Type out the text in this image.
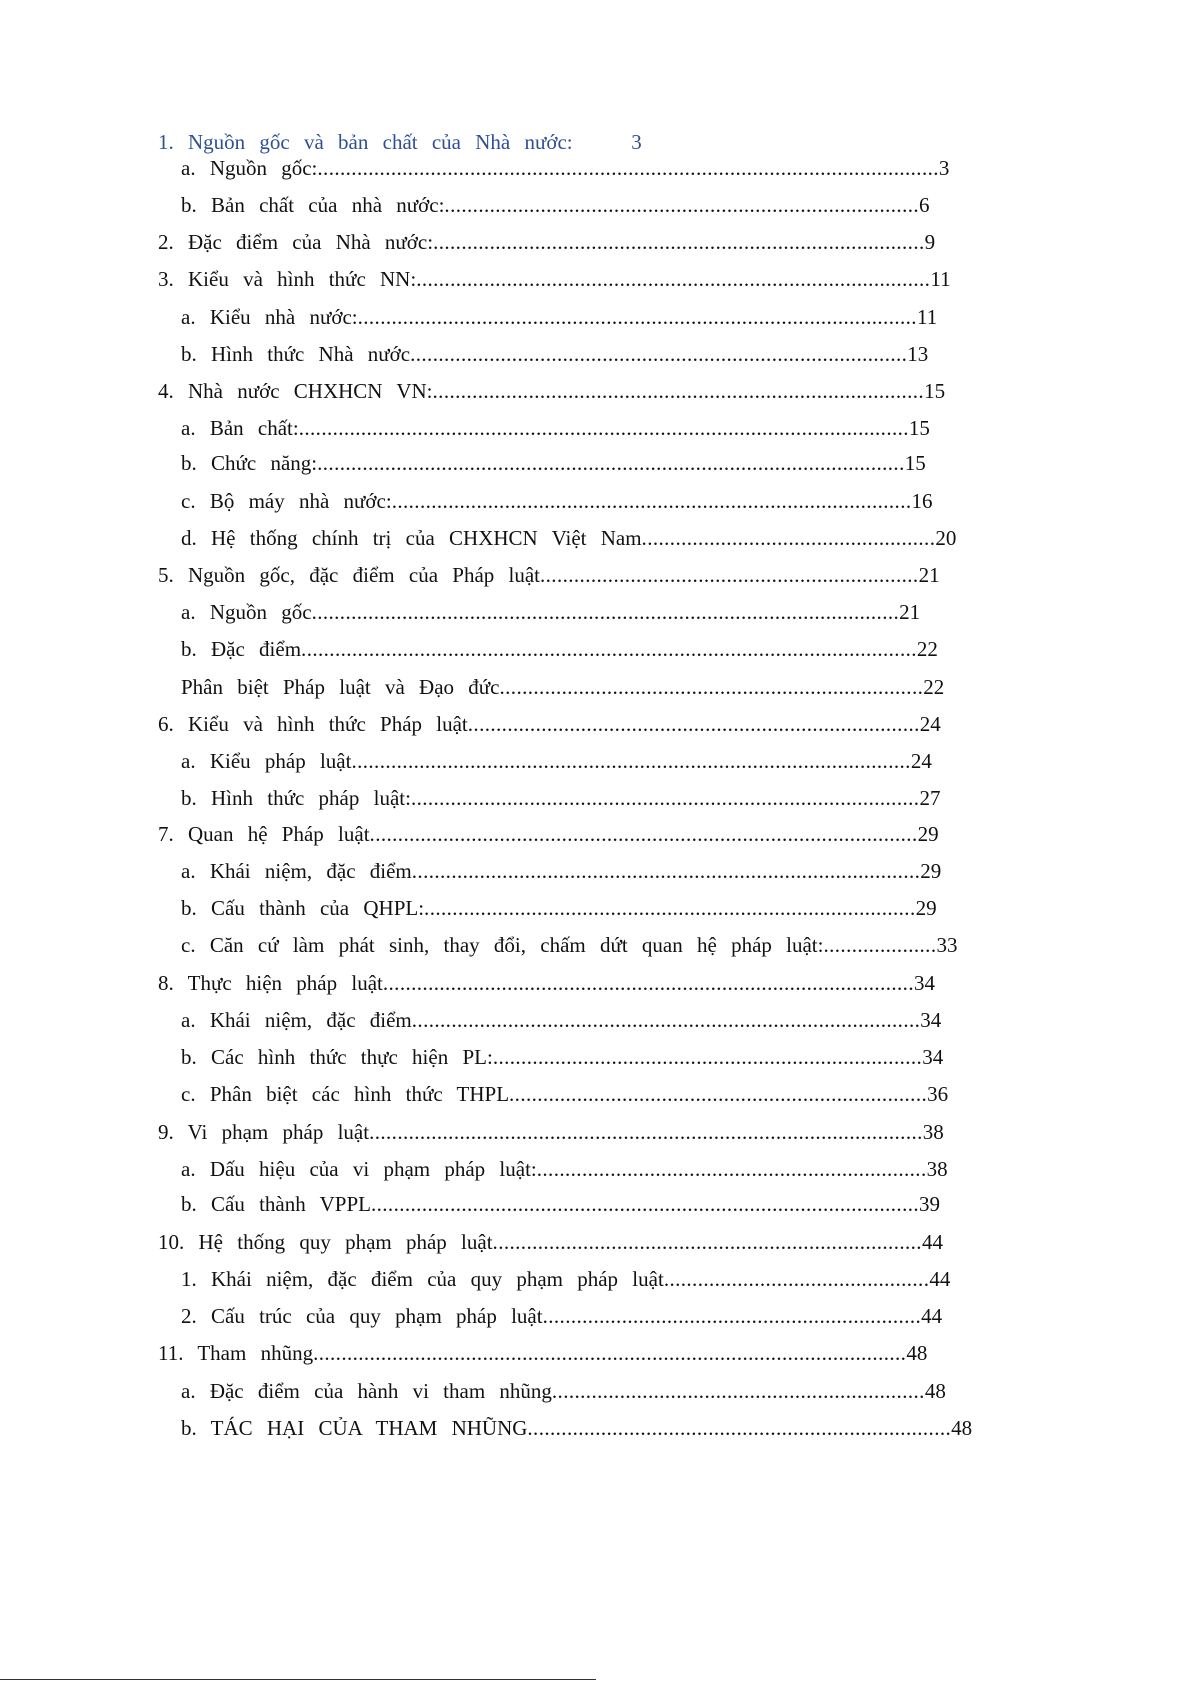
1. Nguồn gốc và bản chất của Nhà nước:	3
a. Nguồn gốc:..............................................................................................................3
b. Bản chất của nhà nước:....................................................................................6
2. Đặc điểm của Nhà nước:.......................................................................................9
3. Kiểu và hình thức NN:...........................................................................................11
a. Kiểu nhà nước:...................................................................................................11
b. Hình thức Nhà nước........................................................................................13
4. Nhà nước CHXHCN VN:.......................................................................................15
a. Bản chất:............................................................................................................15
b. Chức năng:........................................................................................................15
c. Bộ máy nhà nước:............................................................................................16
d. Hệ thống chính trị của CHXHCN Việt Nam....................................................20
5. Nguồn gốc, đặc điểm của Pháp luật...................................................................21
a. Nguồn gốc........................................................................................................21
b. Đặc điểm.............................................................................................................22
Phân biệt Pháp luật và Đạo đức...........................................................................22
6. Kiểu và hình thức Pháp luật................................................................................24
a. Kiểu pháp luật...................................................................................................24
b. Hình thức pháp luật:..........................................................................................27
7. Quan hệ Pháp luật.................................................................................................29
a. Khái niệm, đặc điểm..........................................................................................29
b. Cấu thành của QHPL:.......................................................................................29
c. Căn cứ làm phát sinh, thay đổi, chấm dứt quan hệ pháp luật:....................33
8. Thực hiện pháp luật..............................................................................................34
a. Khái niệm, đặc điểm..........................................................................................34
b. Các hình thức thực hiện PL:............................................................................34
c. Phân biệt các hình thức THPL..........................................................................36
9. Vi phạm pháp luật..................................................................................................38
a. Dấu hiệu của vi phạm pháp luật:.....................................................................38
b. Cấu thành VPPL.................................................................................................39
10. Hệ thống quy phạm pháp luật............................................................................44
1. Khái niệm, đặc điểm của quy phạm pháp luật...............................................44
2. Cấu trúc của quy phạm pháp luật...................................................................44
11. Tham nhũng.........................................................................................................48
a. Đặc điểm của hành vi tham nhũng..................................................................48
b. TÁC HẠI CỦA THAM NHŨNG...........................................................................48
